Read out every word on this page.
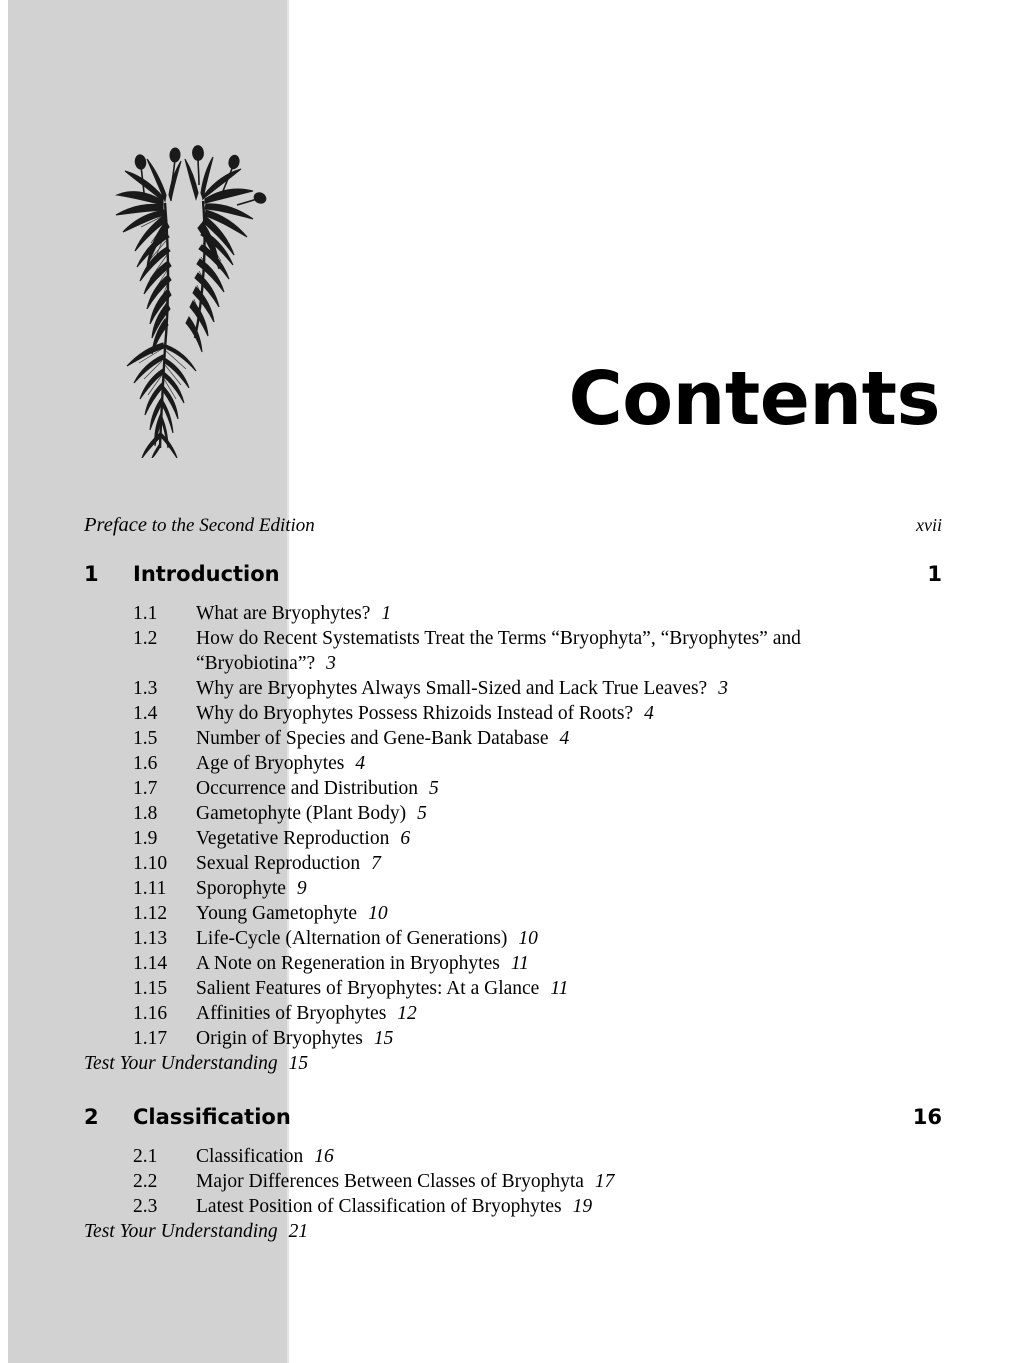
Contents
Preface to the Second Edition	xvii
1	Introduction	1
1.1	What are Bryophytes? 1
1.2	How do Recent Systematists Treat the Terms “Bryophyta”, “Bryophytes” and “Bryobiotina”? 3
1.3	Why are Bryophytes Always Small-Sized and Lack True Leaves? 3
1.4	Why do Bryophytes Possess Rhizoids Instead of Roots? 4
1.5	Number of Species and Gene-Bank Database 4
1.6	Age of Bryophytes 4
1.7	Occurrence and Distribution 5
1.8	Gametophyte (Plant Body) 5
1.9	Vegetative Reproduction 6
1.10	Sexual Reproduction 7
1.11	Sporophyte 9
1.12	Young Gametophyte 10
1.13	Life-Cycle (Alternation of Generations) 10
1.14	A Note on Regeneration in Bryophytes 11
1.15	Salient Features of Bryophytes: At a Glance 11
1.16	Affinities of Bryophytes 12
1.17	Origin of Bryophytes 15
Test Your Understanding 15
2	Classification	16
2.1	Classification 16
2.2	Major Differences Between Classes of Bryophyta 17
2.3	Latest Position of Classification of Bryophytes 19
Test Your Understanding 21
